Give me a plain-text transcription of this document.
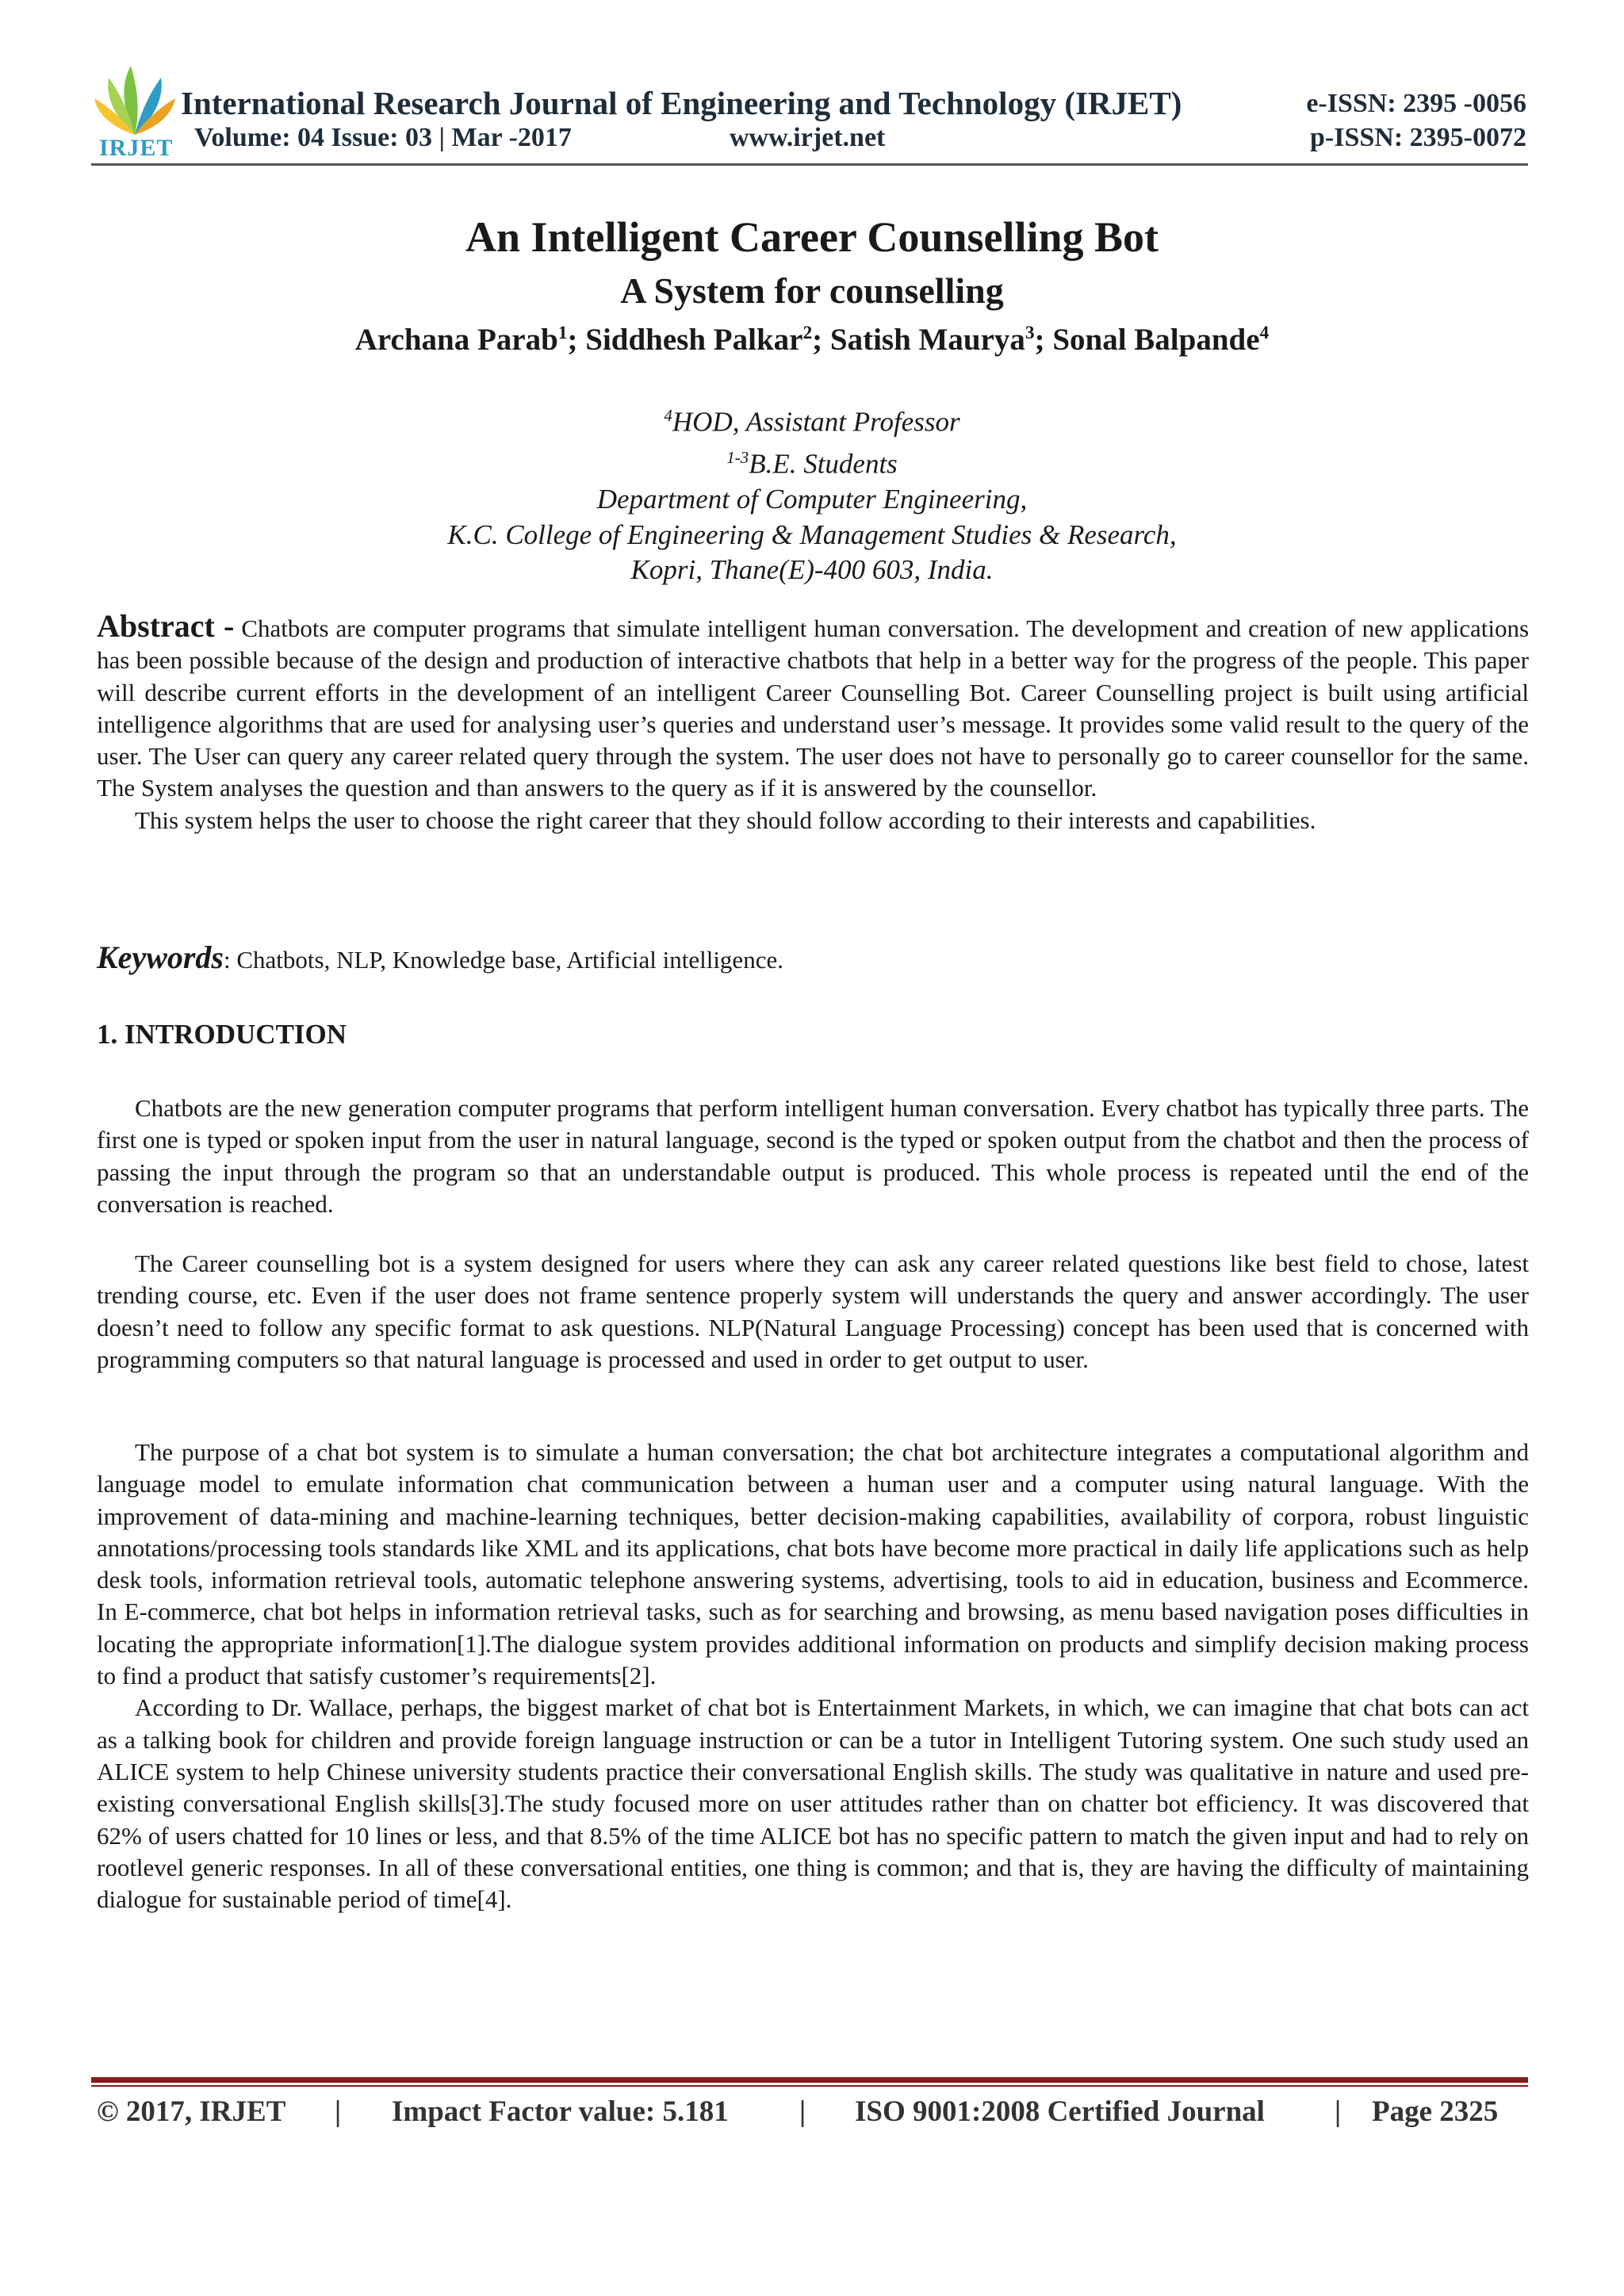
IRJET
International Research Journal of Engineering and Technology (IRJET)
Volume: 04 Issue: 03 | Mar -2017	www.irjet.net
e-ISSN: 2395 -0056
p-ISSN: 2395-0072
An Intelligent Career Counselling Bot
A System for counselling
Archana Parab$^1$; Siddhesh Palkar$^2$; Satish Maurya$^3$; Sonal Balpande$^4$
$^4$HOD, Assistant Professor
$^{1-3}$B.E. Students
Department of Computer Engineering,
K.C. College of Engineering & Management Studies & Research,
Kopri, Thane(E)-400 603, India.

Abstract - Chatbots are computer programs that simulate intelligent human conversation. The development and creation of new applications has been possible because of the design and production of interactive chatbots that help in a better way for the progress of the people. This paper will describe current efforts in the development of an intelligent Career Counselling Bot. Career Counselling project is built using artificial intelligence algorithms that are used for analysing user’s queries and understand user’s message. It provides some valid result to the query of the user. The User can query any career related query through the system. The user does not have to personally go to career counsellor for the same. The System analyses the question and than answers to the query as if it is answered by the counsellor.

This system helps the user to choose the right career that they should follow according to their interests and capabilities.

Keywords: Chatbots, NLP, Knowledge base, Artificial intelligence.

1. INTRODUCTION

Chatbots are the new generation computer programs that perform intelligent human conversation. Every chatbot has typically three parts. The first one is typed or spoken input from the user in natural language, second is the typed or spoken output from the chatbot and then the process of passing the input through the program so that an understandable output is produced. This whole process is repeated until the end of the conversation is reached.

The Career counselling bot is a system designed for users where they can ask any career related questions like best field to chose, latest trending course, etc. Even if the user does not frame sentence properly system will understands the query and answer accordingly. The user doesn’t need to follow any specific format to ask questions. NLP(Natural Language Processing) concept has been used that is concerned with programming computers so that natural language is processed and used in order to get output to user.

The purpose of a chat bot system is to simulate a human conversation; the chat bot architecture integrates a computational algorithm and language model to emulate information chat communication between a human user and a computer using natural language. With the improvement of data-mining and machine-learning techniques, better decision-making capabilities, availability of corpora, robust linguistic annotations/processing tools standards like XML and its applications, chat bots have become more practical in daily life applications such as help desk tools, information retrieval tools, automatic telephone answering systems, advertising, tools to aid in education, business and Ecommerce. In E-commerce, chat bot helps in information retrieval tasks, such as for searching and browsing, as menu based navigation poses difficulties in locating the appropriate information[1].The dialogue system provides additional information on products and simplify decision making process to find a product that satisfy customer’s requirements[2].

According to Dr. Wallace, perhaps, the biggest market of chat bot is Entertainment Markets, in which, we can imagine that chat bots can act as a talking book for children and provide foreign language instruction or can be a tutor in Intelligent Tutoring system. One such study used an ALICE system to help Chinese university students practice their conversational English skills. The study was qualitative in nature and used pre-existing conversational English skills[3].The study focused more on user attitudes rather than on chatter bot efficiency. It was discovered that 62% of users chatted for 10 lines or less, and that 8.5% of the time ALICE bot has no specific pattern to match the given input and had to rely on rootlevel generic responses. In all of these conversational entities, one thing is common; and that is, they are having the difficulty of maintaining dialogue for sustainable period of time[4].

© 2017, IRJET | Impact Factor value: 5.181 | ISO 9001:2008 Certified Journal | Page 2325
